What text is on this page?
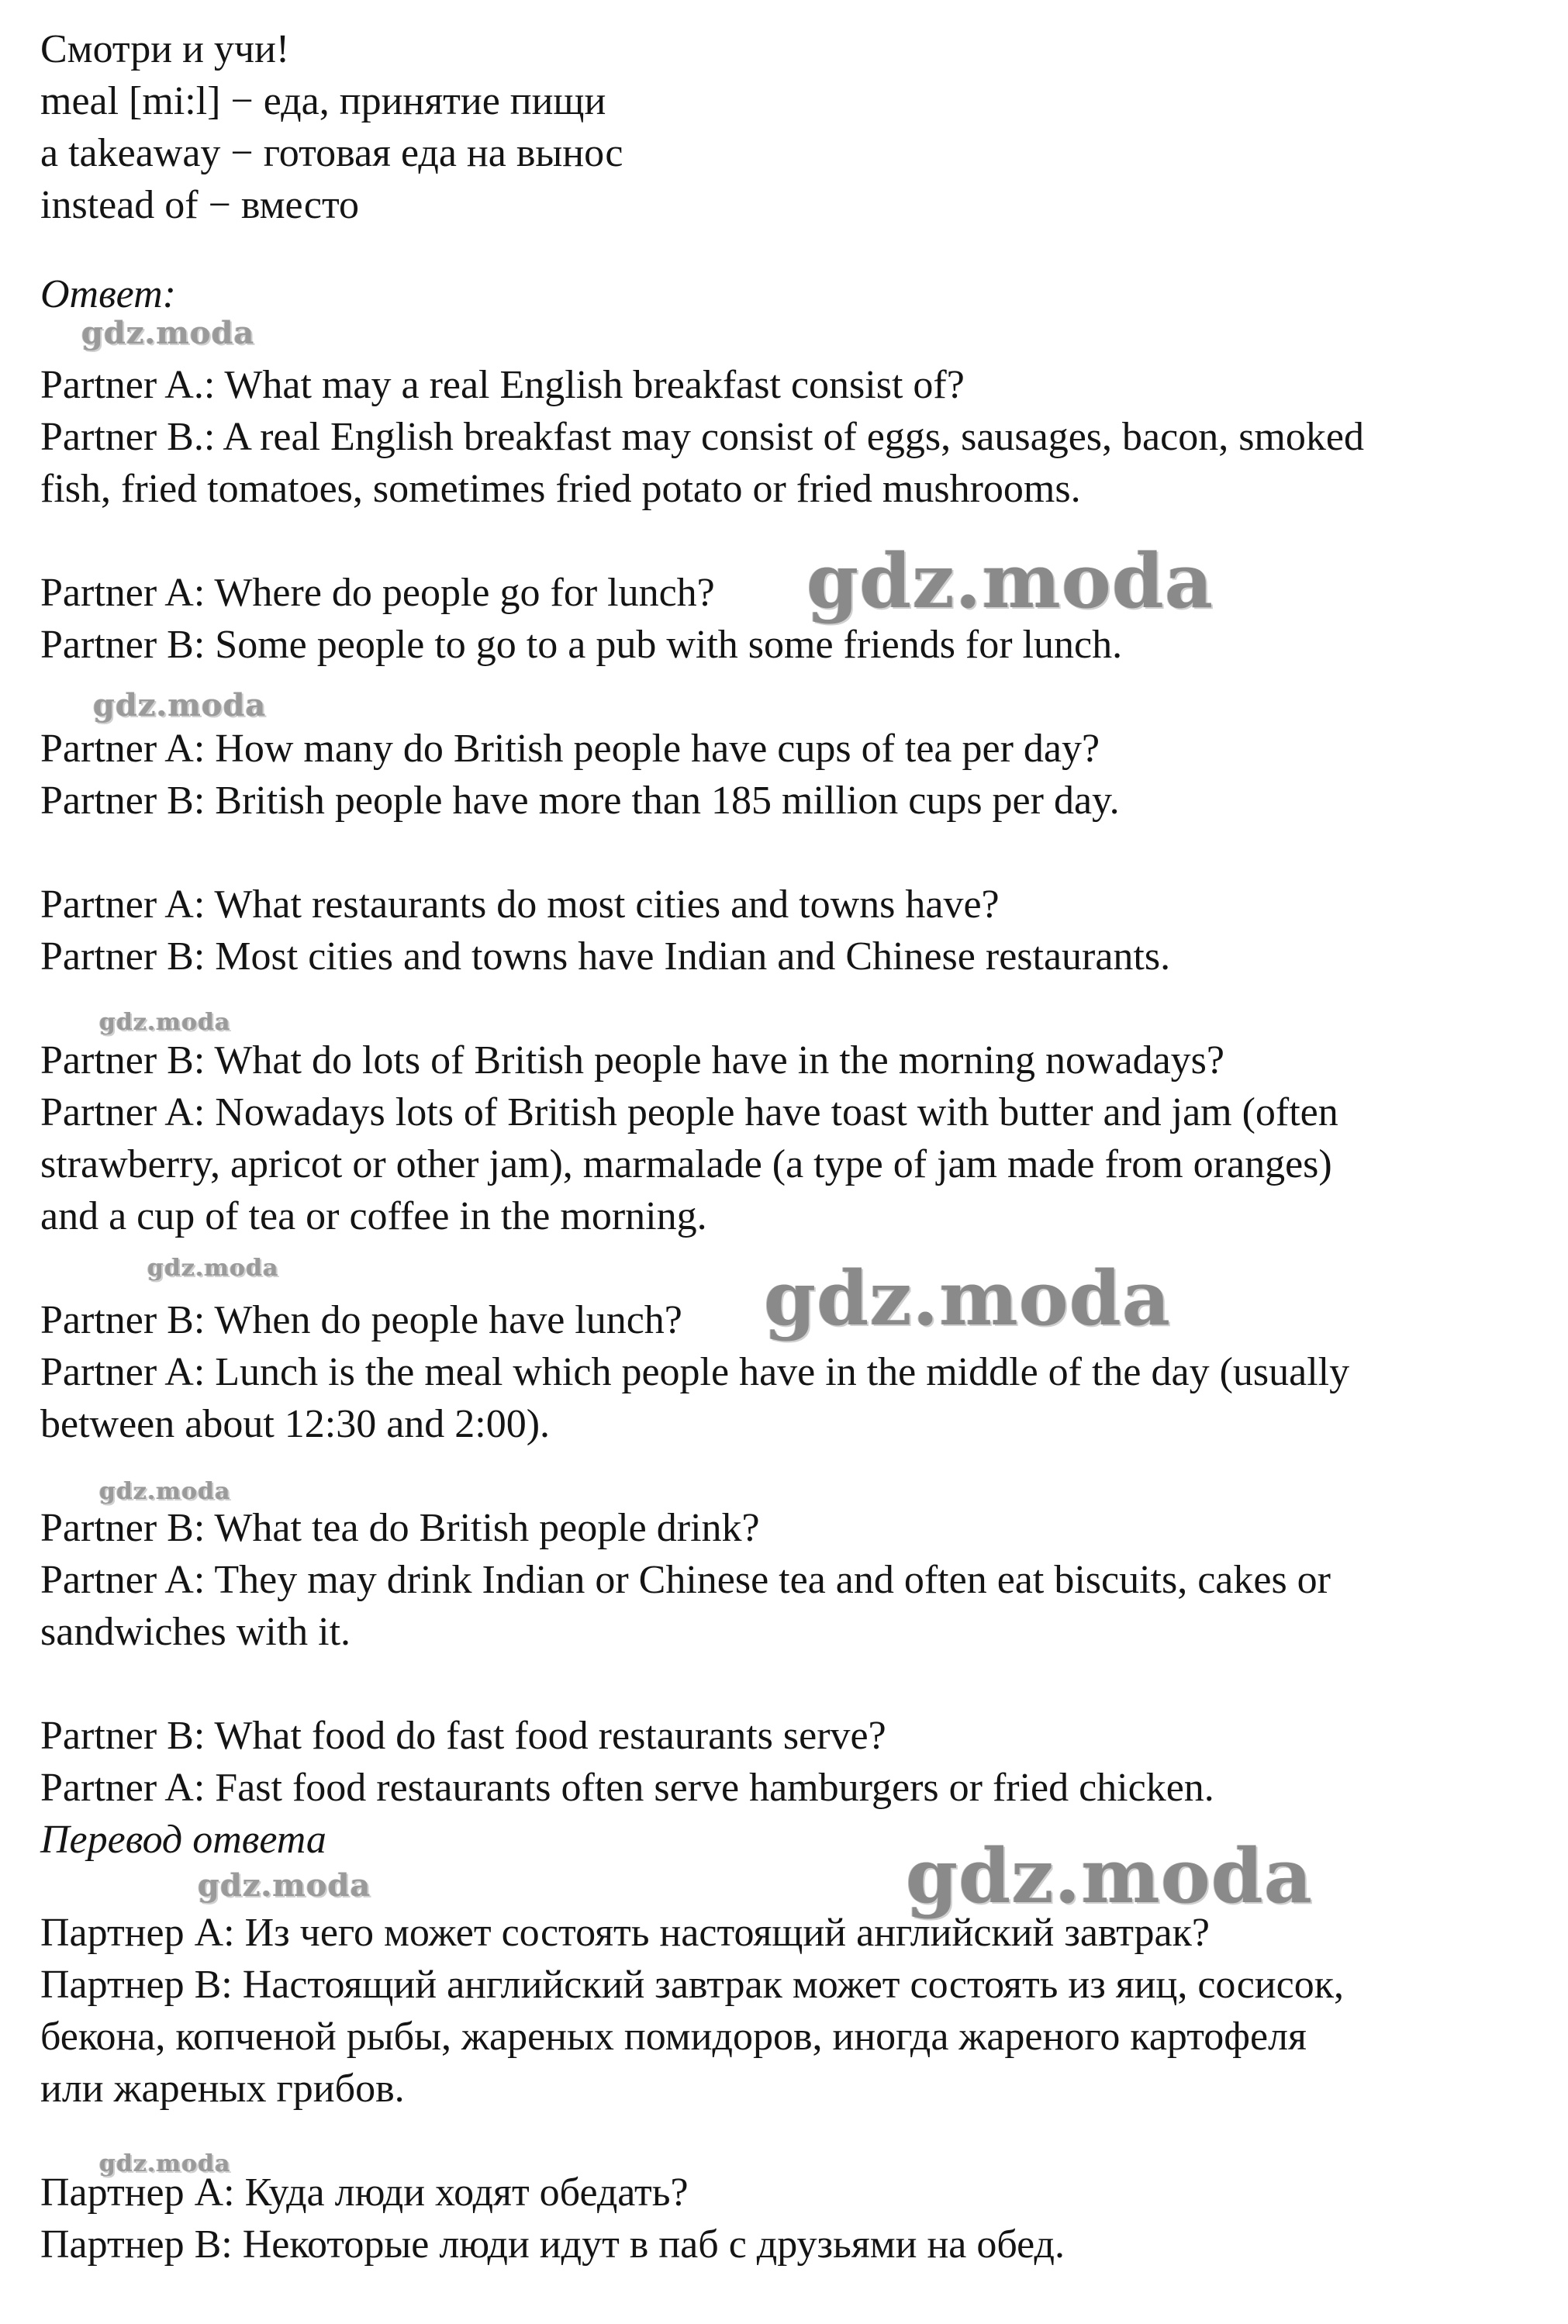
Смотри и учи!
meal [mi:l] − еда, принятие пищи
a takeaway − готовая еда на вынос
instead of − вместо
Ответ:
Partner A.: What may a real English breakfast consist of?
Partner B.: A real English breakfast may consist of eggs, sausages, bacon, smoked
fish, fried tomatoes, sometimes fried potato or fried mushrooms.
Partner A: Where do people go for lunch?
Partner B: Some people to go to a pub with some friends for lunch.
Partner A: How many do British people have cups of tea per day?
Partner B: British people have more than 185 million cups per day.
Partner A: What restaurants do most cities and towns have?
Partner B: Most cities and towns have Indian and Chinese restaurants.
Partner B: What do lots of British people have in the morning nowadays?
Partner A: Nowadays lots of British people have toast with butter and jam (often
strawberry, apricot or other jam), marmalade (a type of jam made from oranges)
and a cup of tea or coffee in the morning.
Partner B: When do people have lunch?
Partner A: Lunch is the meal which people have in the middle of the day (usually
between about 12:30 and 2:00).
Partner B: What tea do British people drink?
Partner A: They may drink Indian or Chinese tea and often eat biscuits, cakes or
sandwiches with it.
Partner B: What food do fast food restaurants serve?
Partner A: Fast food restaurants often serve hamburgers or fried chicken.
Перевод ответа
Партнер A: Из чего может состоять настоящий английский завтрак?
Партнер B: Настоящий английский завтрак может состоять из яиц, сосисок,
бекона, копченой рыбы, жареных помидоров, иногда жареного картофеля
или жареных грибов.
Партнер A: Куда люди ходят обедать?
Партнер B: Некоторые люди идут в паб с друзьями на обед.
gdz.moda
gdz.moda
gdz.moda
gdz.moda
gdz.moda	gdz.moda
gdz.moda
gdz.moda	gdz.moda
gdz.moda
